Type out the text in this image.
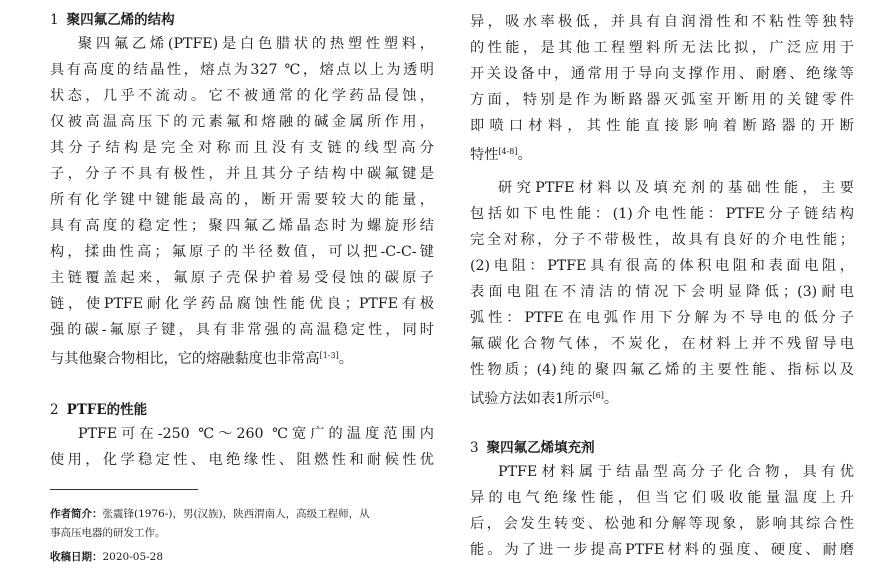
1 聚四氟乙烯的结构
聚四氟乙烯(PTFE)是白色腊状的热塑性塑料，
具有高度的结晶性，熔点为327 ℃，熔点以上为透明
状态，几乎不流动。它不被通常的化学药品侵蚀，
仅被高温高压下的元素氟和熔融的碱金属所作用，
其分子结构是完全对称而且没有支链的线型高分
子，分子不具有极性，并且其分子结构中碳氟键是
所有化学键中键能最高的，断开需要较大的能量，
具有高度的稳定性；聚四氟乙烯晶态时为螺旋形结
构，揉曲性高；氟原子的半径数值，可以把-C-C-键
主链覆盖起来，氟原子壳保护着易受侵蚀的碳原子
链，使PTFE耐化学药品腐蚀性能优良；PTFE有极
强的碳-氟原子键，具有非常强的高温稳定性，同时
与其他聚合物相比，它的熔融黏度也非常高[1-3]。
2 PTFE的性能
PTFE可在-250 ℃～260 ℃宽广的温度范围内
使用，化学稳定性、电绝缘性、阻燃性和耐候性优
作者简介：张震锋(1976-)，男(汉族)，陕西渭南人，高级工程师，从
事高压电器的研发工作。
收稿日期：2020-05-28
异，吸水率极低，并具有自润滑性和不粘性等独特
的性能，是其他工程塑料所无法比拟，广泛应用于
开关设备中，通常用于导向支撑作用、耐磨、绝缘等
方面，特别是作为断路器灭弧室开断用的关键零件
即喷口材料，其性能直接影响着断路器的开断
特性[4-8]。
研究PTFE材料以及填充剂的基础性能，主要
包括如下电性能：(1)介电性能：PTFE分子链结构
完全对称，分子不带极性，故具有良好的介电性能；
(2)电阻：PTFE具有很高的体积电阻和表面电阻，
表面电阻在不清洁的情况下会明显降低；(3)耐电
弧性：PTFE在电弧作用下分解为不导电的低分子
氟碳化合物气体，不炭化，在材料上并不残留导电
性物质；(4)纯的聚四氟乙烯的主要性能、指标以及
试验方法如表1所示[6]。
3 聚四氟乙烯填充剂
PTFE材料属于结晶型高分子化合物，具有优
异的电气绝缘性能，但当它们吸收能量温度上升
后，会发生转变、松弛和分解等现象，影响其综合性
能。为了进一步提高PTFE材料的强度、硬度、耐磨
